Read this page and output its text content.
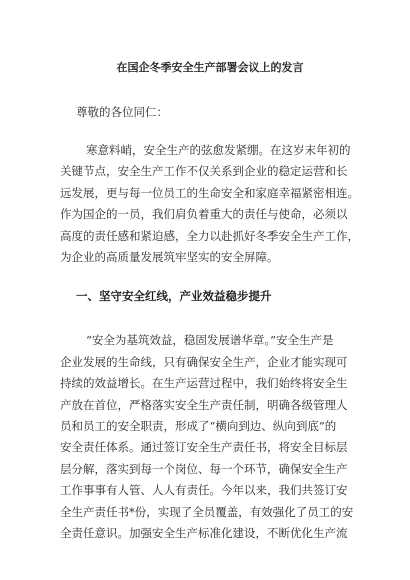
在国企冬季安全生产部署会议上的发言
尊敬的各位同仁：
寒意料峭，安全生产的弦愈发紧绷。在这岁末年初的
关键节点，安全生产工作不仅关系到企业的稳定运营和长
远发展，更与每一位员工的生命安全和家庭幸福紧密相连。
作为国企的一员，我们肩负着重大的责任与使命，必须以
高度的责任感和紧迫感，全力以赴抓好冬季安全生产工作，
为企业的高质量发展筑牢坚实的安全屏障。
一、坚守安全红线，产业效益稳步提升
“安全为基筑效益，稳固发展谱华章。”安全生产是
企业发展的生命线，只有确保安全生产，企业才能实现可
持续的效益增长。在生产运营过程中，我们始终将安全生
产放在首位，严格落实安全生产责任制，明确各级管理人
员和员工的安全职责，形成了“横向到边、纵向到底”的
安全责任体系。通过签订安全生产责任书，将安全目标层
层分解，落实到每一个岗位、每一个环节，确保安全生产
工作事事有人管、人人有责任。今年以来，我们共签订安
全生产责任书*份，实现了全员覆盖，有效强化了员工的安
全责任意识。加强安全生产标准化建设，不断优化生产流
